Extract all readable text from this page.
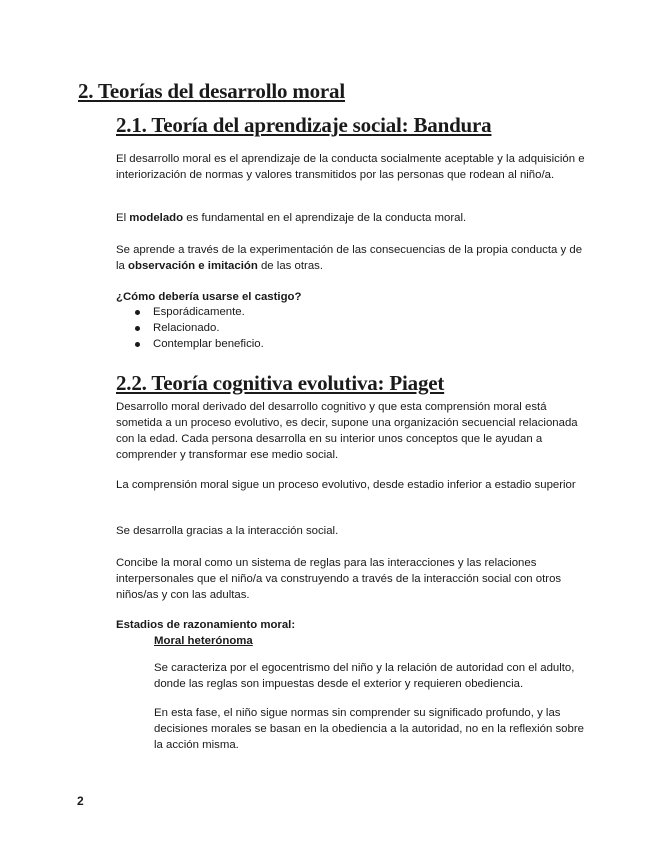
2. Teorías del desarrollo moral
2.1. Teoría del aprendizaje social: Bandura
El desarrollo moral es el aprendizaje de la conducta socialmente aceptable y la adquisición e interiorización de normas y valores transmitidos por las personas que rodean al niño/a.
El modelado es fundamental en el aprendizaje de la conducta moral.
Se aprende a través de la experimentación de las consecuencias de la propia conducta y de la observación e imitación de las otras.
¿Cómo debería usarse el castigo?
Esporádicamente.
Relacionado.
Contemplar beneficio.
2.2. Teoría cognitiva evolutiva: Piaget
Desarrollo moral derivado del desarrollo cognitivo y que esta comprensión moral está sometida a un proceso evolutivo, es decir, supone una organización secuencial relacionada con la edad. Cada persona desarrolla en su interior unos conceptos que le ayudan a comprender y transformar ese medio social.
La comprensión moral sigue un proceso evolutivo, desde estadio inferior a estadio superior
Se desarrolla gracias a la interacción social.
Concibe la moral como un sistema de reglas para las interacciones y las relaciones interpersonales que el niño/a va construyendo a través de la interacción social con otros niños/as y con las adultas.
Estadios de razonamiento moral:
Moral heterónoma
Se caracteriza por el egocentrismo del niño y la relación de autoridad con el adulto, donde las reglas son impuestas desde el exterior y requieren obediencia.
En esta fase, el niño sigue normas sin comprender su significado profundo, y las decisiones morales se basan en la obediencia a la autoridad, no en la reflexión sobre la acción misma.
2
